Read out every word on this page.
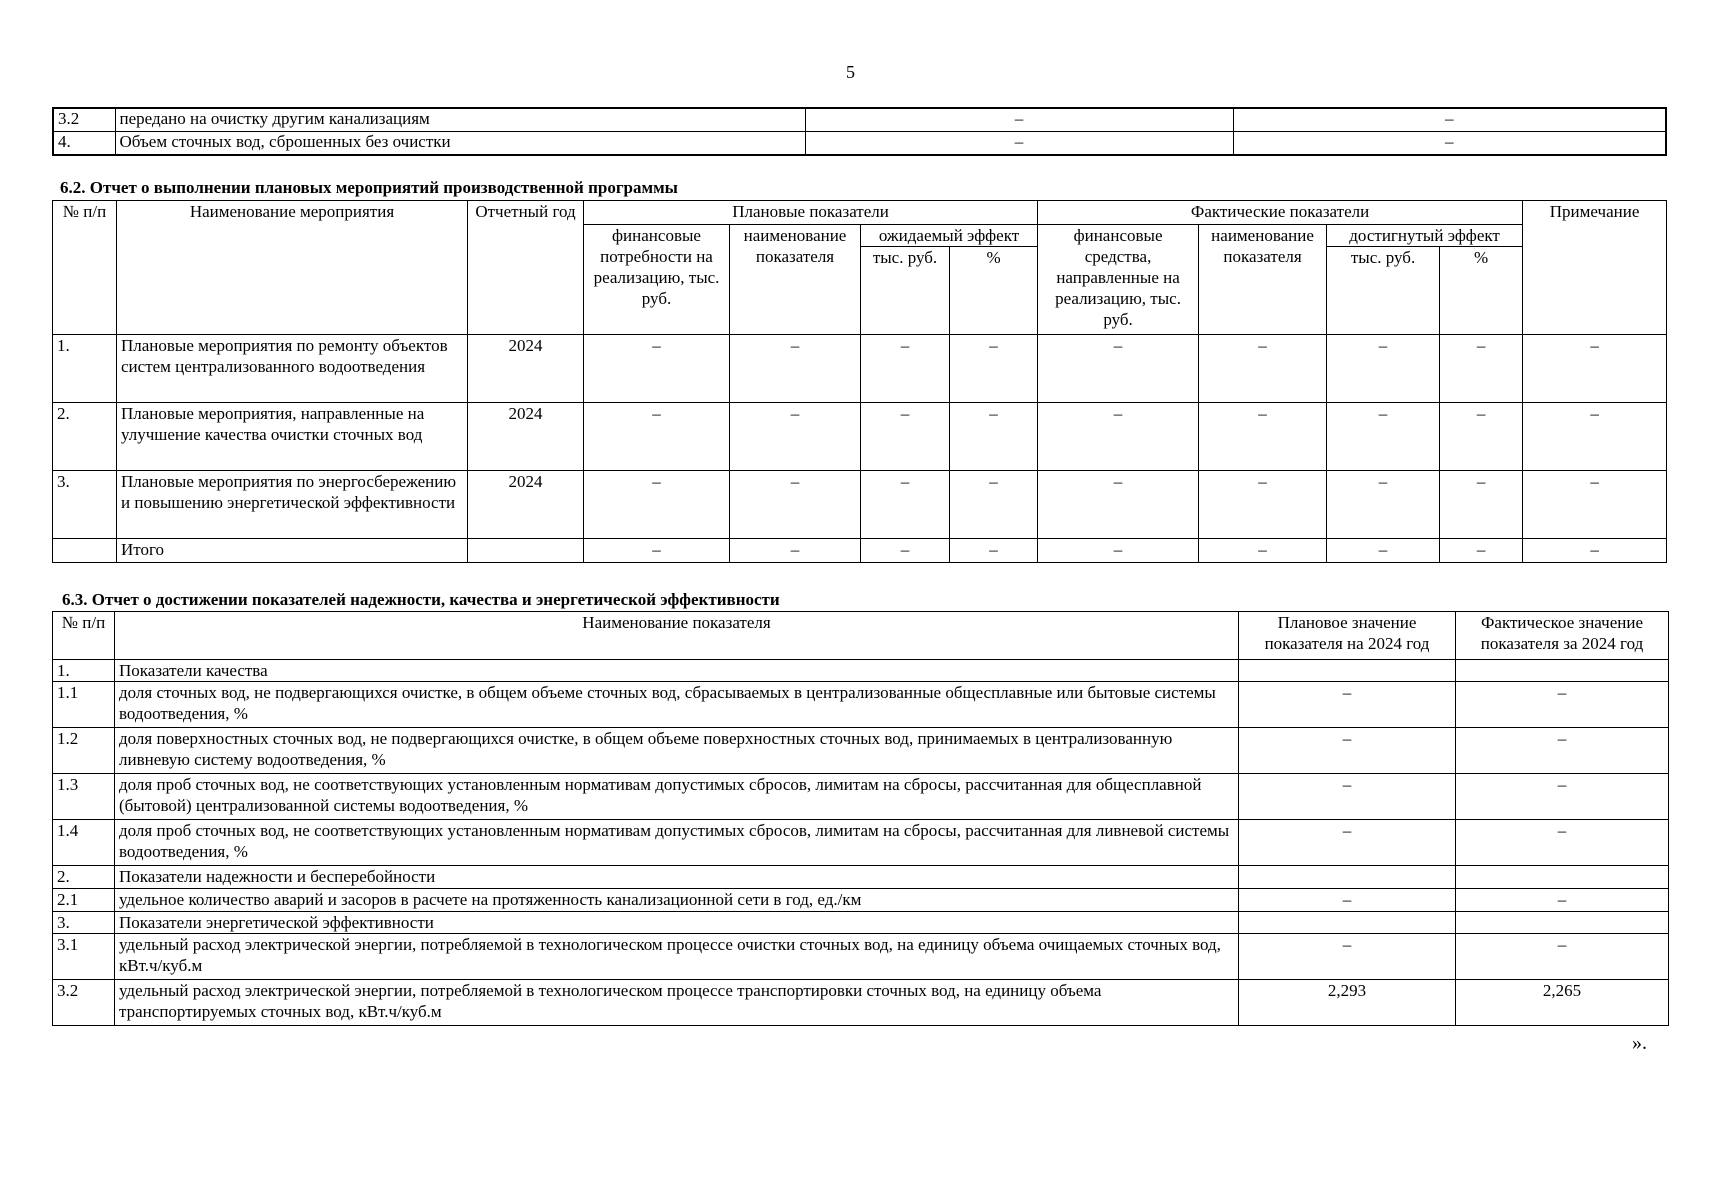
5
3.2	передано на очистку другим канализациям	–	–
4.	Объем сточных вод, сброшенных без очистки	–	–
6.2. Отчет о выполнении плановых мероприятий производственной программы
№ п/п	Наименование мероприятия	Отчетный год	Плановые показатели				Фактические показатели				Примечание
			финансовые потребности на реализацию, тыс. руб.	наименование показателя	ожидаемый эффект		финансовые средства, направленные на реализацию, тыс. руб.	наименование показателя	достигнутый эффект		
					тыс. руб.	%			тыс. руб.	%	
1.	Плановые мероприятия по ремонту объектов систем централизованного водоотведения	2024	–	–	–	–	–	–	–	–	–
2.	Плановые мероприятия, направленные на улучшение качества очистки сточных вод	2024	–	–	–	–	–	–	–	–	–
3.	Плановые мероприятия по энергосбережению и повышению энергетической эффективности	2024	–	–	–	–	–	–	–	–	–
	Итого		–	–	–	–	–	–	–	–	–
6.3. Отчет о достижении показателей надежности, качества и энергетической эффективности
№ п/п	Наименование показателя	Плановое значение показателя на 2024 год	Фактическое значение показателя за 2024 год
1.	Показатели качества		
1.1	доля сточных вод, не подвергающихся очистке, в общем объеме сточных вод, сбрасываемых в централизованные общесплавные или бытовые системы водоотведения, %	–	–
1.2	доля поверхностных сточных вод, не подвергающихся очистке, в общем объеме поверхностных сточных вод, принимаемых в централизованную ливневую систему водоотведения, %	–	–
1.3	доля проб сточных вод, не соответствующих установленным нормативам допустимых сбросов, лимитам на сбросы, рассчитанная для общесплавной (бытовой) централизованной системы водоотведения, %	–	–
1.4	доля проб сточных вод, не соответствующих установленным нормативам допустимых сбросов, лимитам на сбросы, рассчитанная для ливневой системы водоотведения, %	–	–
2.	Показатели надежности и бесперебойности		
2.1	удельное количество аварий и засоров в расчете на протяженность канализационной сети в год, ед./км	–	–
3.	Показатели энергетической эффективности		
3.1	удельный расход электрической энергии, потребляемой в технологическом процессе очистки сточных вод, на единицу объема очищаемых сточных вод, кВт.ч/куб.м	–	–
3.2	удельный расход электрической энергии, потребляемой в технологическом процессе транспортировки сточных вод, на единицу объема транспортируемых сточных вод, кВт.ч/куб.м	2,293	2,265
».
